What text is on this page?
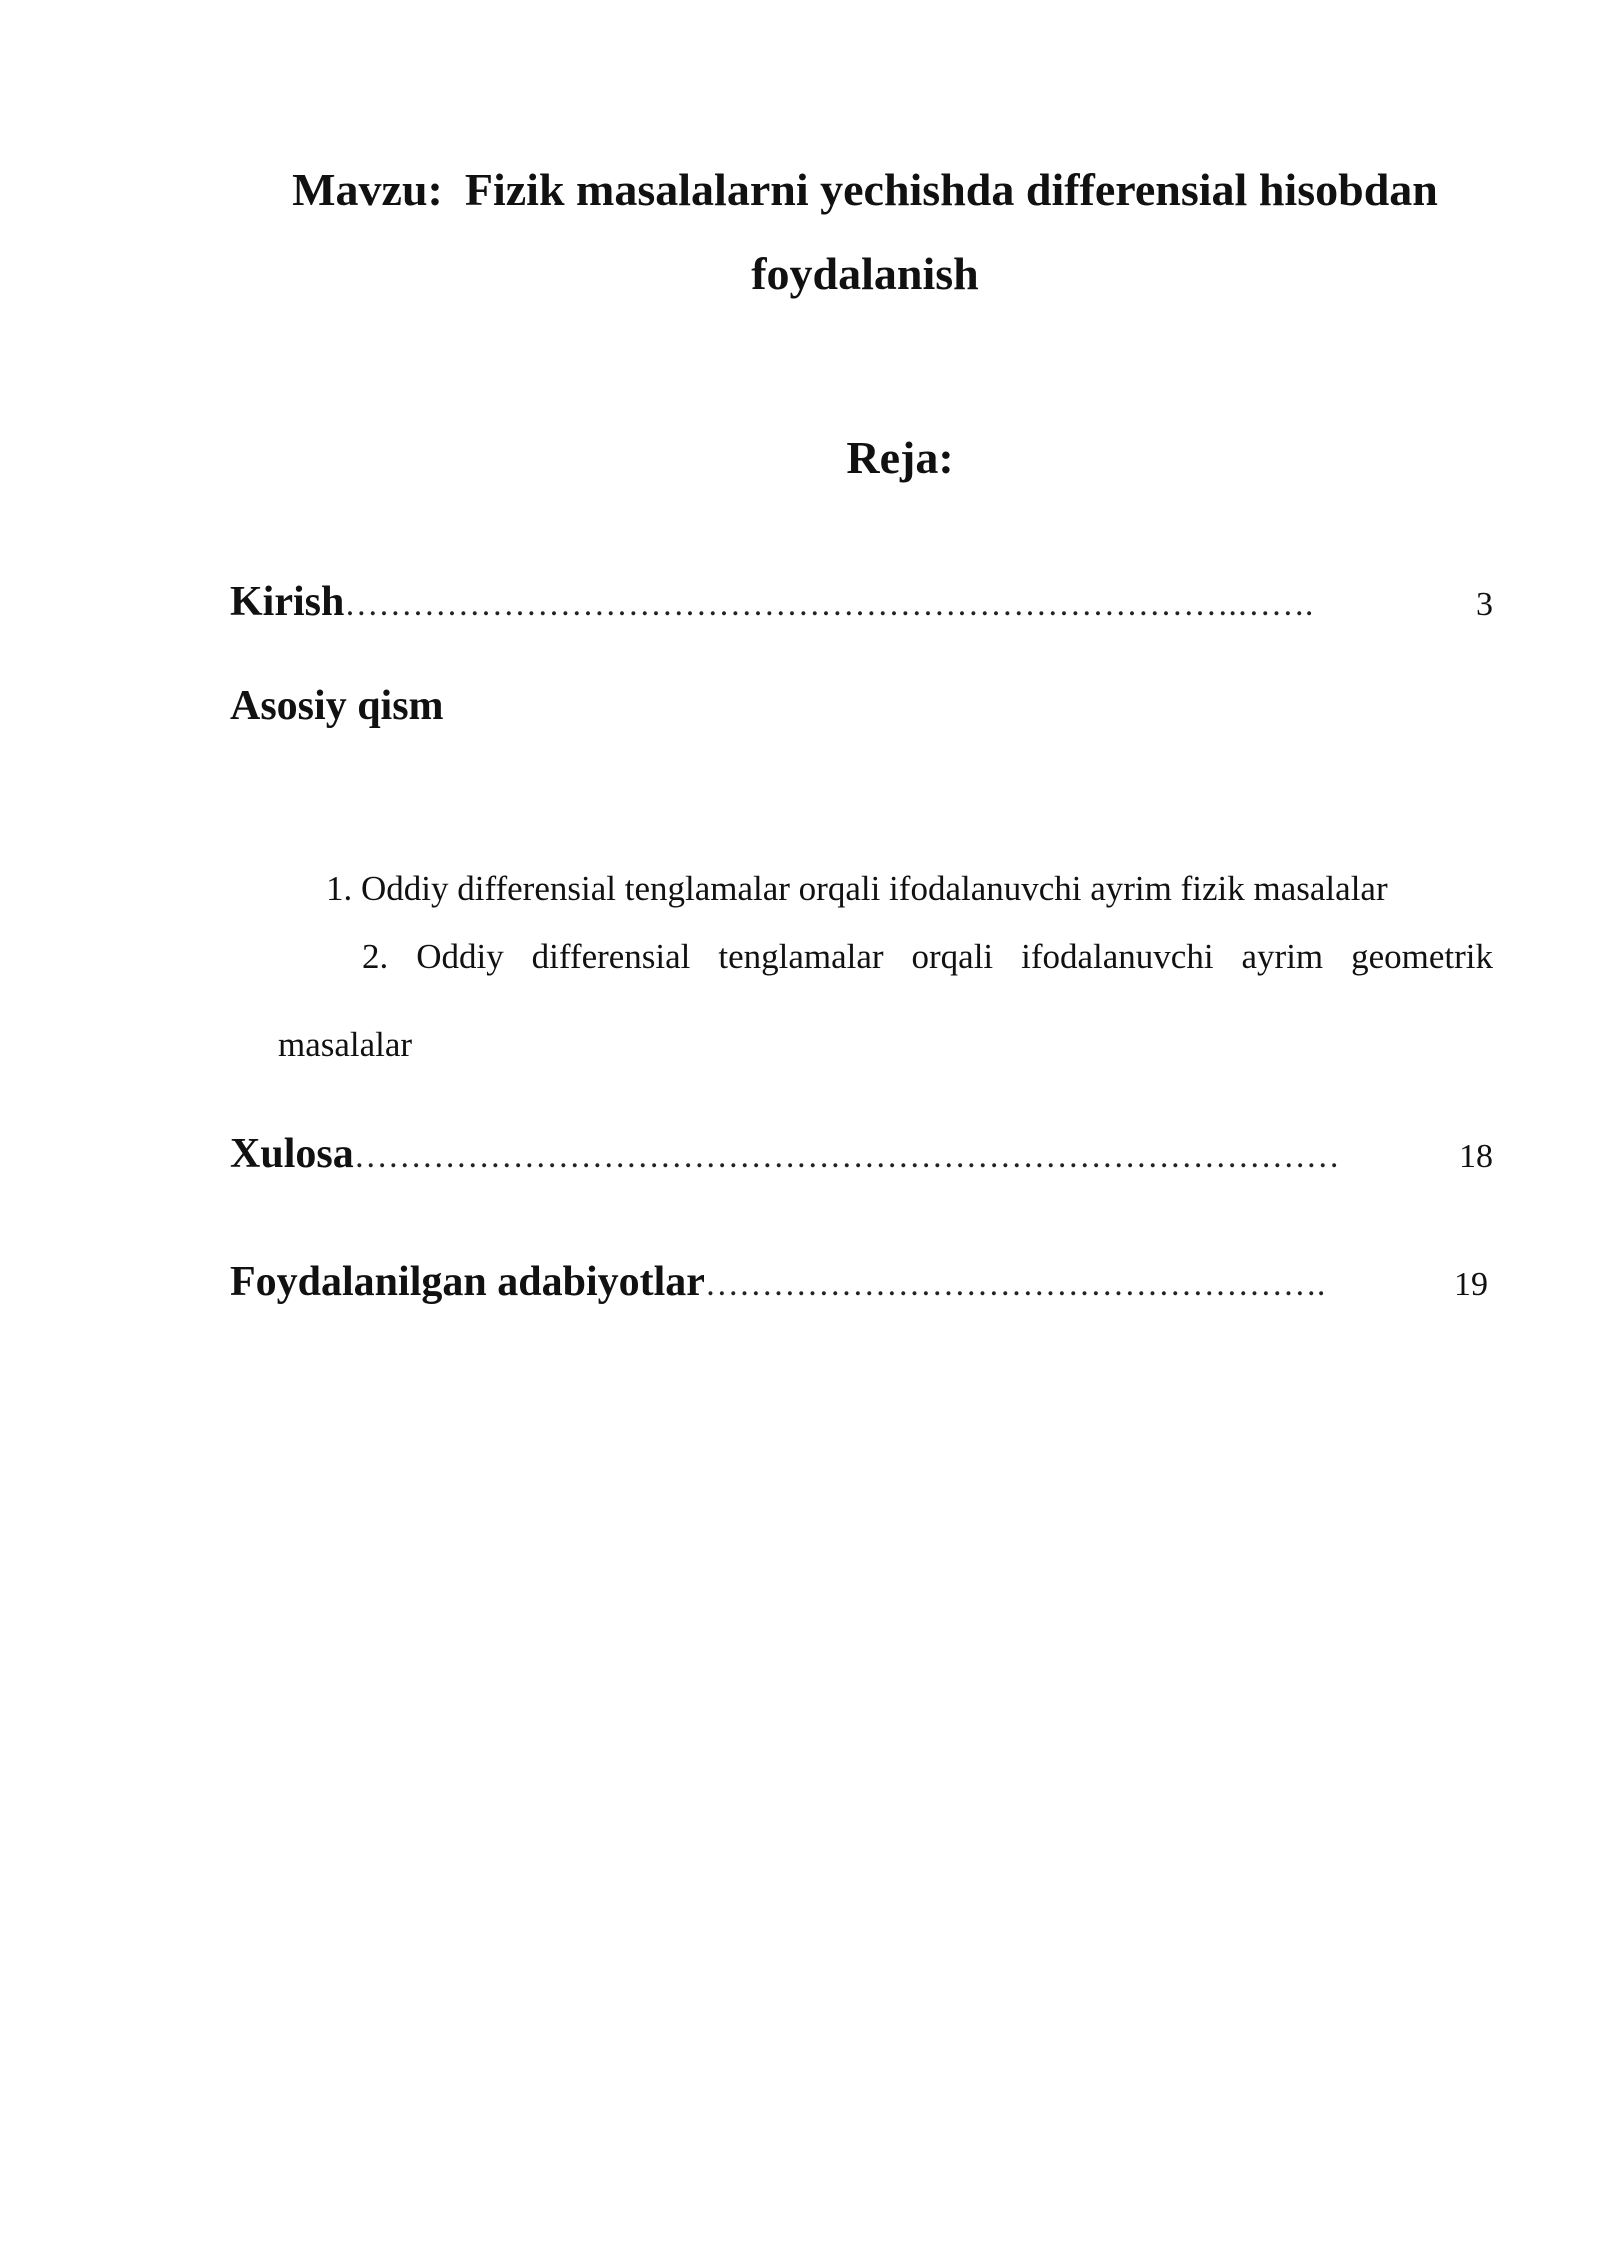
Mavzu: Fizik masalalarni yechishda differensial hisobdan
foydalanish
Reja:
Kirish …………………………………………………………………….…….	3
Asosiy qism
1. Oddiy differensial tenglamalar orqali ifodalanuvchi ayrim fizik masalalar
2. Oddiy differensial tenglamalar orqali ifodalanuvchi ayrim geometrik
masalalar
Xulosa ……………………………………………………………………………	18
Foydalanilgan adabiyotlar ……………………………………………….	19
